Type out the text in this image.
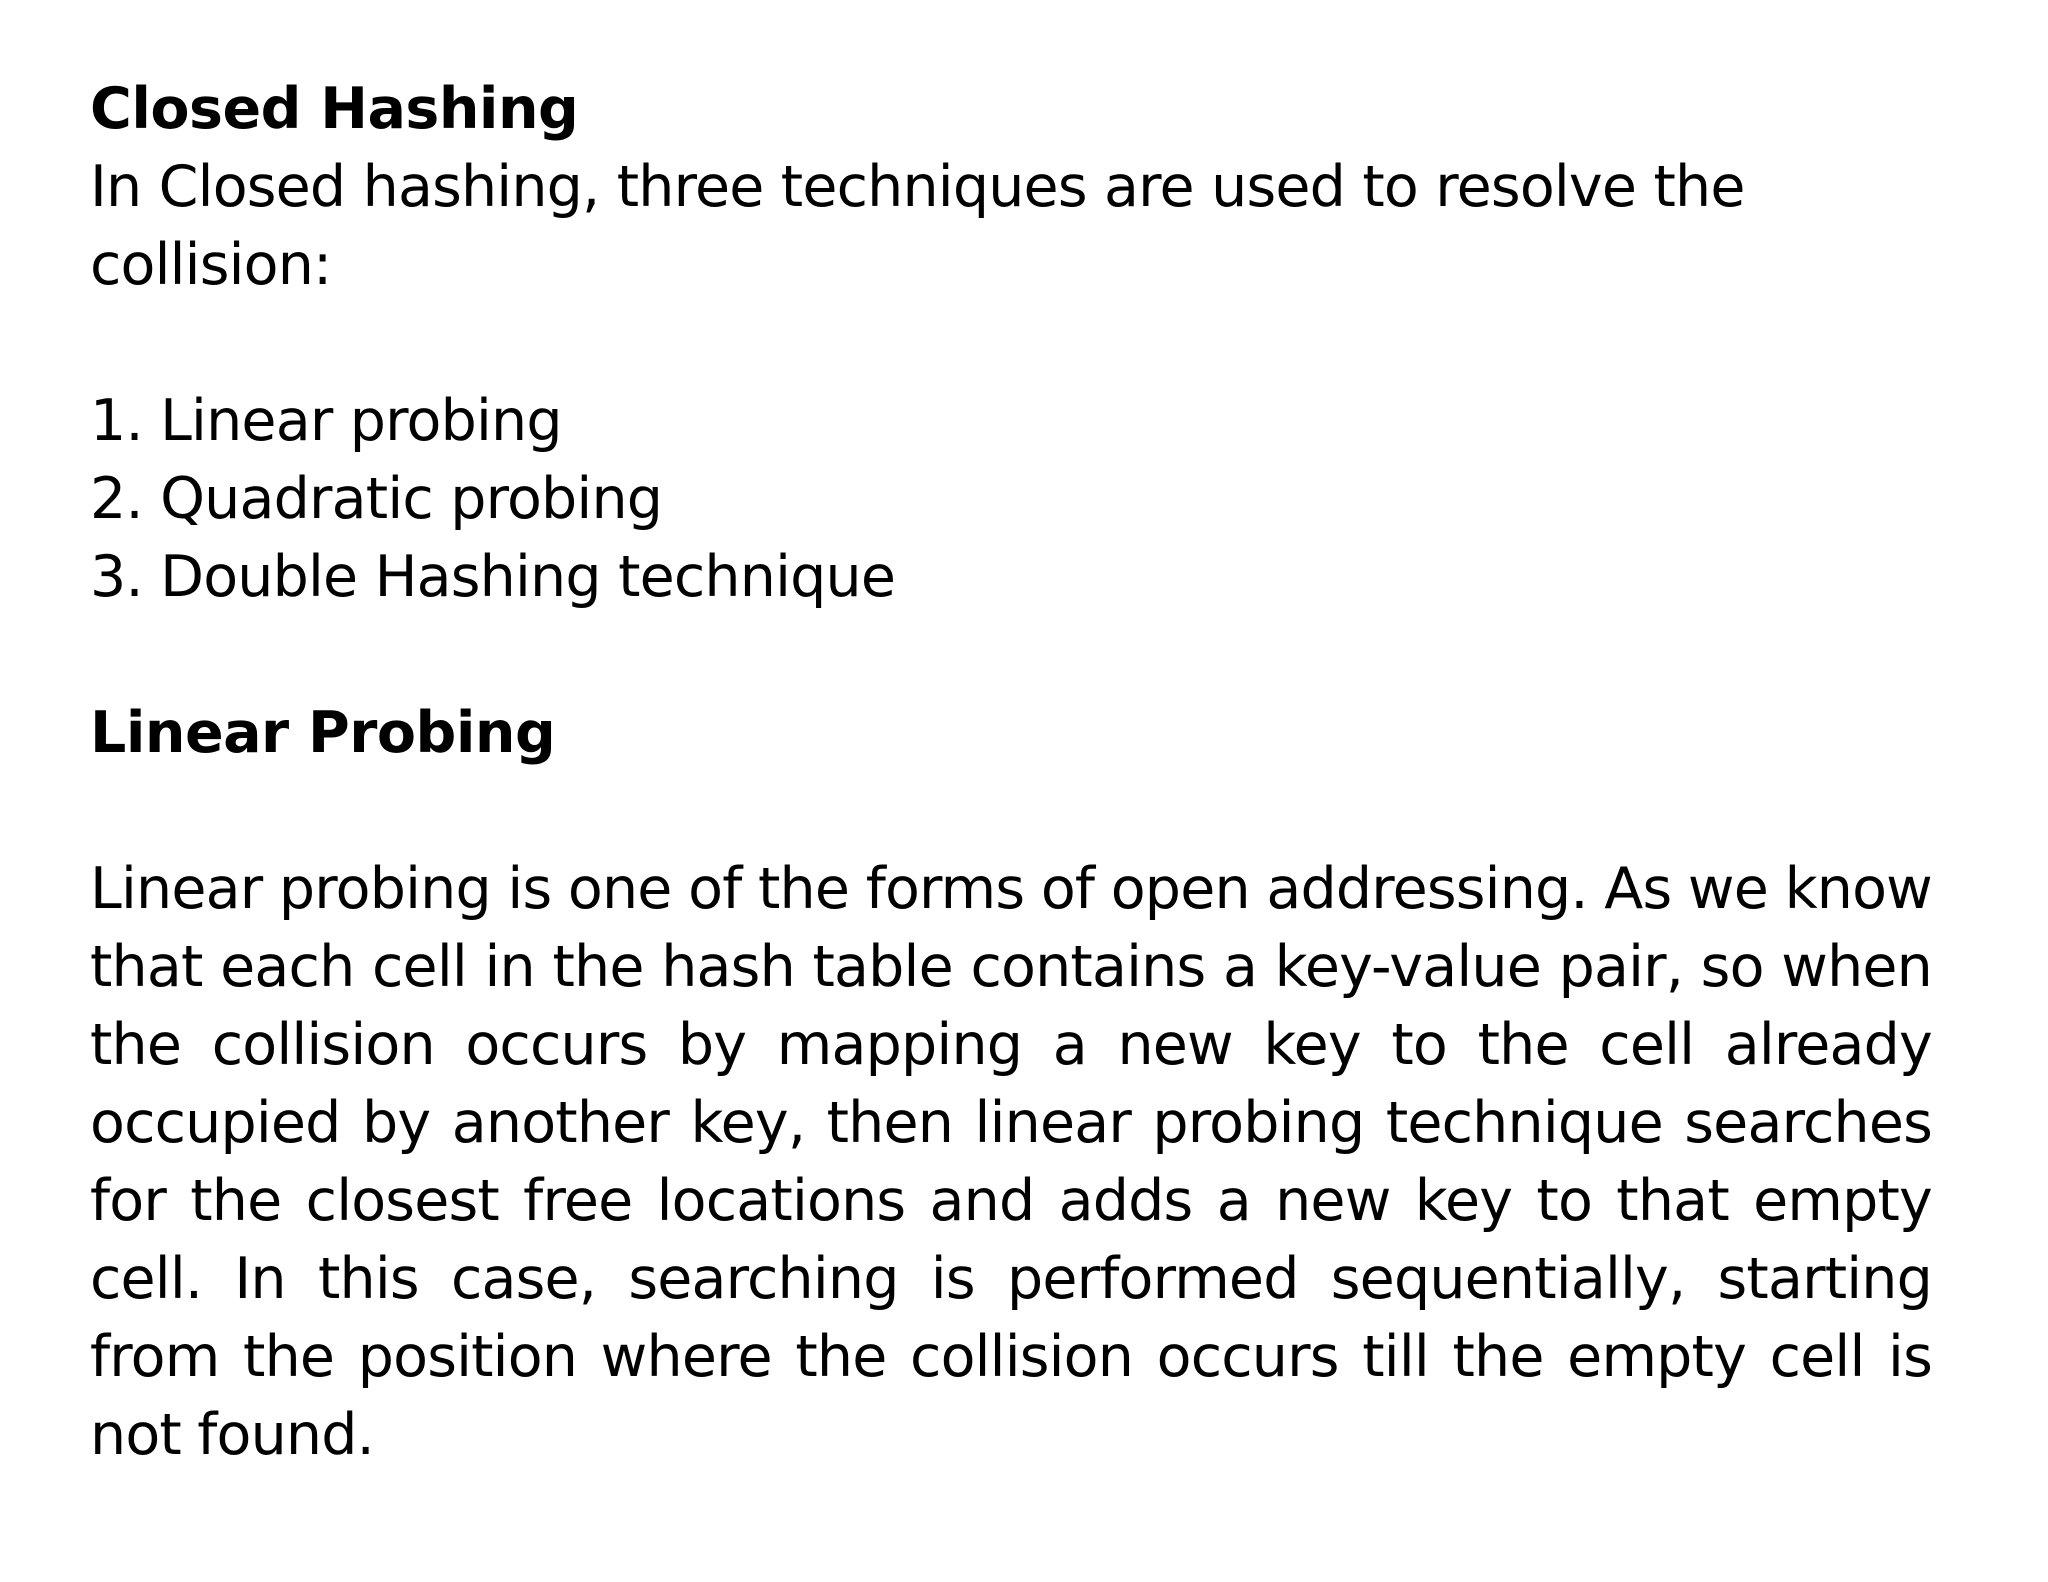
Closed Hashing

In Closed hashing, three techniques are used to resolve the collision:

1. Linear probing
2. Quadratic probing
3. Double Hashing technique
Linear Probing

Linear probing is one of the forms of open addressing. As we know that each cell in the hash table contains a key-value pair, so when the collision occurs by mapping a new key to the cell already occupied by another key, then linear probing technique searches for the closest free locations and adds a new key to that empty cell. In this case, searching is performed sequentially, starting from the position where the collision occurs till the empty cell is not found.
